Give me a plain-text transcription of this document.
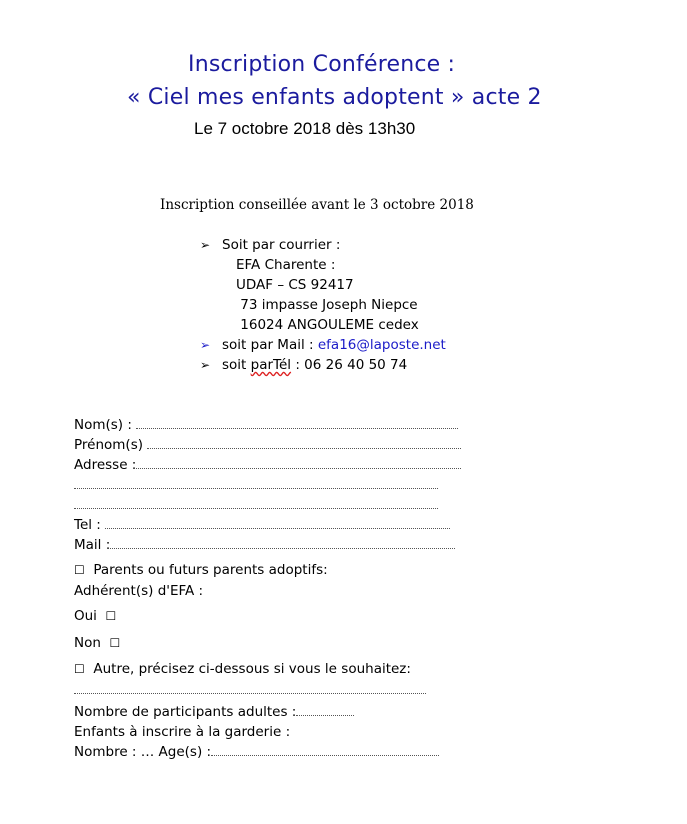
Inscription Conférence :
« Ciel mes enfants adoptent » acte 2
Le 7 octobre 2018 dès 13h30
Inscription conseillée avant le 3 octobre 2018
➢ Soit par courrier :
EFA Charente :
UDAF – CS 92417
73 impasse Joseph Niepce
16024 ANGOULEME cedex
➢ soit par Mail : efa16@laposte.net
➢ soit parTél : 06 26 40 50 74
Nom(s) :
Prénom(s)
Adresse :
Tel :
Mail :
☐ Parents ou futurs parents adoptifs:
Adhérent(s) d'EFA :
Oui ☐
Non ☐
☐ Autre, précisez ci-dessous si vous le souhaitez:
Nombre de participants adultes :
Enfants à inscrire à la garderie :
Nombre : … Age(s) :
